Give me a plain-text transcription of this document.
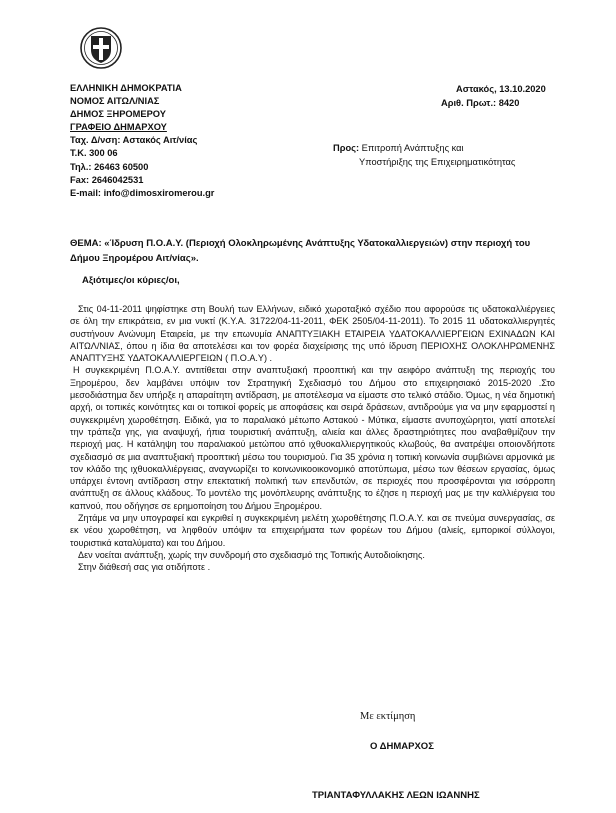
ΕΛΛΗΝΙΚΗ ΔΗΜΟΚΡΑΤΙΑ
ΝΟΜΟΣ ΑΙΤΩΛ/ΝΙΑΣ
ΔΗΜΟΣ ΞΗΡΟΜΕΡΟΥ
ΓΡΑΦΕΙΟ ΔΗΜΑΡΧΟΥ
Ταχ. Δ/νση: Αστακός Αιτ/νίας
Τ.Κ. 300 06
Τηλ.: 26463 60500
Fax: 2646042531
E-mail: info@dimosxiromerou.gr
Αστακός, 13.10.2020
Αριθ. Πρωτ.: 8420
Προς: Επιτροπή Ανάπτυξης και
Υποστήριξης της Επιχειρηματικότητας
ΘΕΜΑ: «Ίδρυση Π.Ο.Α.Υ. (Περιοχή Ολοκληρωμένης Ανάπτυξης Υδατοκαλλιεργειών) στην περιοχή του Δήμου Ξηρομέρου Αιτ/νίας».
Αξιότιμες/οι κύριες/οι,

Στις 04-11-2011 ψηφίστηκε στη Βουλή των Ελλήνων, ειδικό χωροταξικό σχέδιο που αφορούσε τις υδατοκαλλιέργειες σε όλη την επικράτεια, εν μια νυκτί (Κ.Υ.Α. 31722/04-11-2011, ΦΕΚ 2505/04-11-2011). Το 2015 11 υδατοκαλλιεργητές συστήνουν Ανώνυμη Εταιρεία, με την επωνυμία ΑΝΑΠΤΥΞΙΑΚΗ ΕΤΑΙΡΕΙΑ ΥΔΑΤΟΚΑΛΛΙΕΡΓΕΙΩΝ ΕΧΙΝΑΔΩΝ ΚΑΙ ΑΙΤΩΛ/ΝΙΑΣ, όπου η ίδια θα αποτελέσει και τον φορέα διαχείρισης της υπό ίδρυση ΠΕΡΙΟΧΗΣ ΟΛΟΚΛΗΡΩΜΕΝΗΣ ΑΝΑΠΤΥΞΗΣ ΥΔΑΤΟΚΑΛΛΙΕΡΓΕΙΩΝ ( Π.Ο.Α.Υ) .

Η συγκεκριμένη Π.Ο.Α.Υ. αντιτίθεται στην αναπτυξιακή προοπτική και την αειφόρο ανάπτυξη της περιοχής του Ξηρομέρου, δεν λαμβάνει υπόψιν τον Στρατηγική Σχεδιασμό του Δήμου στο επιχειρησιακό 2015-2020 .Στο μεσοδιάστημα δεν υπήρξε η απαραίτητη αντίδραση, με αποτέλεσμα να είμαστε στο τελικό στάδιο. Όμως, η νέα δημοτική αρχή, οι τοπικές κοινότητες και οι τοπικοί φορείς με αποφάσεις και σειρά δράσεων, αντιδρούμε για να μην εφαρμοστεί η συγκεκριμένη χωροθέτηση. Ειδικά, για το παραλιακό μέτωπο Αστακού - Μύτικα, είμαστε ανυποχώρητοι, γιατί αποτελεί την τράπεζα γης, για αναψυχή, ήπια τουριστική ανάπτυξη, αλιεία και άλλες δραστηριότητες που αναβαθμίζουν την περιοχή μας. Η κατάληψη του παραλιακού μετώπου από ιχθυοκαλλιεργητικούς κλωβούς, θα ανατρέψει οποιονδήποτε σχεδιασμό σε μια αναπτυξιακή προοπτική μέσω του τουρισμού. Για 35 χρόνια η τοπική κοινωνία συμβιώνει αρμονικά με τον κλάδο της ιχθυοκαλλιέργειας, αναγνωρίζει το κοινωνικοοικονομικό αποτύπωμα, μέσω των θέσεων εργασίας, όμως υπάρχει έντονη αντίδραση στην επεκτατική πολιτική των επενδυτών, σε περιοχές που προσφέρονται για ισόρροπη ανάπτυξη σε άλλους κλάδους. Το μοντέλο της μονόπλευρης ανάπτυξης το έζησε η περιοχή μας με την καλλιέργεια του καπνού, που οδήγησε σε ερημοποίηση του Δήμου Ξηρομέρου.

Ζητάμε να μην υπογραφεί και εγκριθεί η συγκεκριμένη μελέτη χωροθέτησης Π.Ο.Α.Υ. και σε πνεύμα συνεργασίας, σε εκ νέου χωροθέτηση, να ληφθούν υπόψιν τα επιχειρήματα των φορέων του Δήμου (αλιείς, εμπορικοί σύλλογοι, τουριστικά καταλύματα) και του Δήμου.

Δεν νοείται ανάπτυξη, χωρίς την συνδρομή στο σχεδιασμό της Τοπικής Αυτοδιοίκησης.

Στην διάθεσή σας για οτιδήποτε .

Με εκτίμηση
Ο ΔΗΜΑΡΧΟΣ
ΤΡΙΑΝΤΑΦΥΛΛΑΚΗΣ ΛΕΩΝ ΙΩΑΝΝΗΣ
